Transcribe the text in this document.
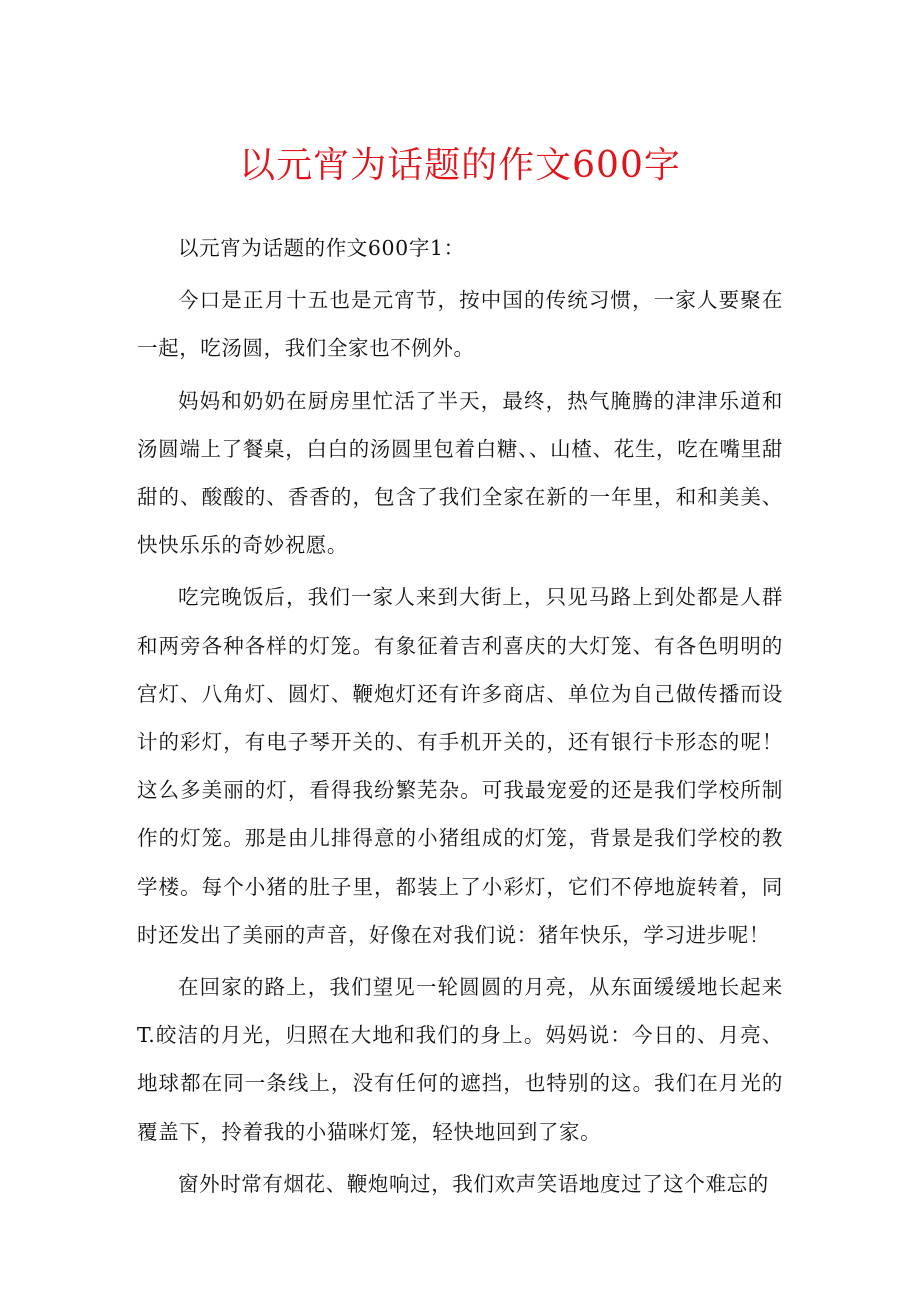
以元宵为话题的作文600字

以元宵为话题的作文600字1：

今口是正月十五也是元宵节，按中国的传统习惯，一家人要聚在一起，吃汤圆，我们全家也不例外。

妈妈和奶奶在厨房里忙活了半天，最终，热气腌腾的津津乐道和汤圆端上了餐桌，白白的汤圆里包着白糖、、山楂、花生，吃在嘴里甜甜的、酸酸的、香香的，包含了我们全家在新的一年里，和和美美、快快乐乐的奇妙祝愿。

吃完晚饭后，我们一家人来到大街上，只见马路上到处都是人群和两旁各种各样的灯笼。有象征着吉利喜庆的大灯笼、有各色明明的宫灯、八角灯、圆灯、鞭炮灯还有许多商店、单位为自己做传播而设计的彩灯，有电子琴开关的、有手机开关的，还有银行卡形态的呢！这么多美丽的灯，看得我纷繁芜杂。可我最宠爱的还是我们学校所制作的灯笼。那是由儿排得意的小猪组成的灯笼，背景是我们学校的教学楼。每个小猪的肚子里，都装上了小彩灯，它们不停地旋转着，同时还发出了美丽的声音，好像在对我们说：猪年快乐，学习进步呢！

在回家的路上，我们望见一轮圆圆的月亮，从东面缓缓地长起来T.皎洁的月光，归照在大地和我们的身上。妈妈说：今日的、月亮、地球都在同一条线上，没有任何的遮挡，也特别的这。我们在月光的覆盖下，拎着我的小猫咪灯笼，轻快地回到了家。

窗外时常有烟花、鞭炮响过，我们欢声笑语地度过了这个难忘的
